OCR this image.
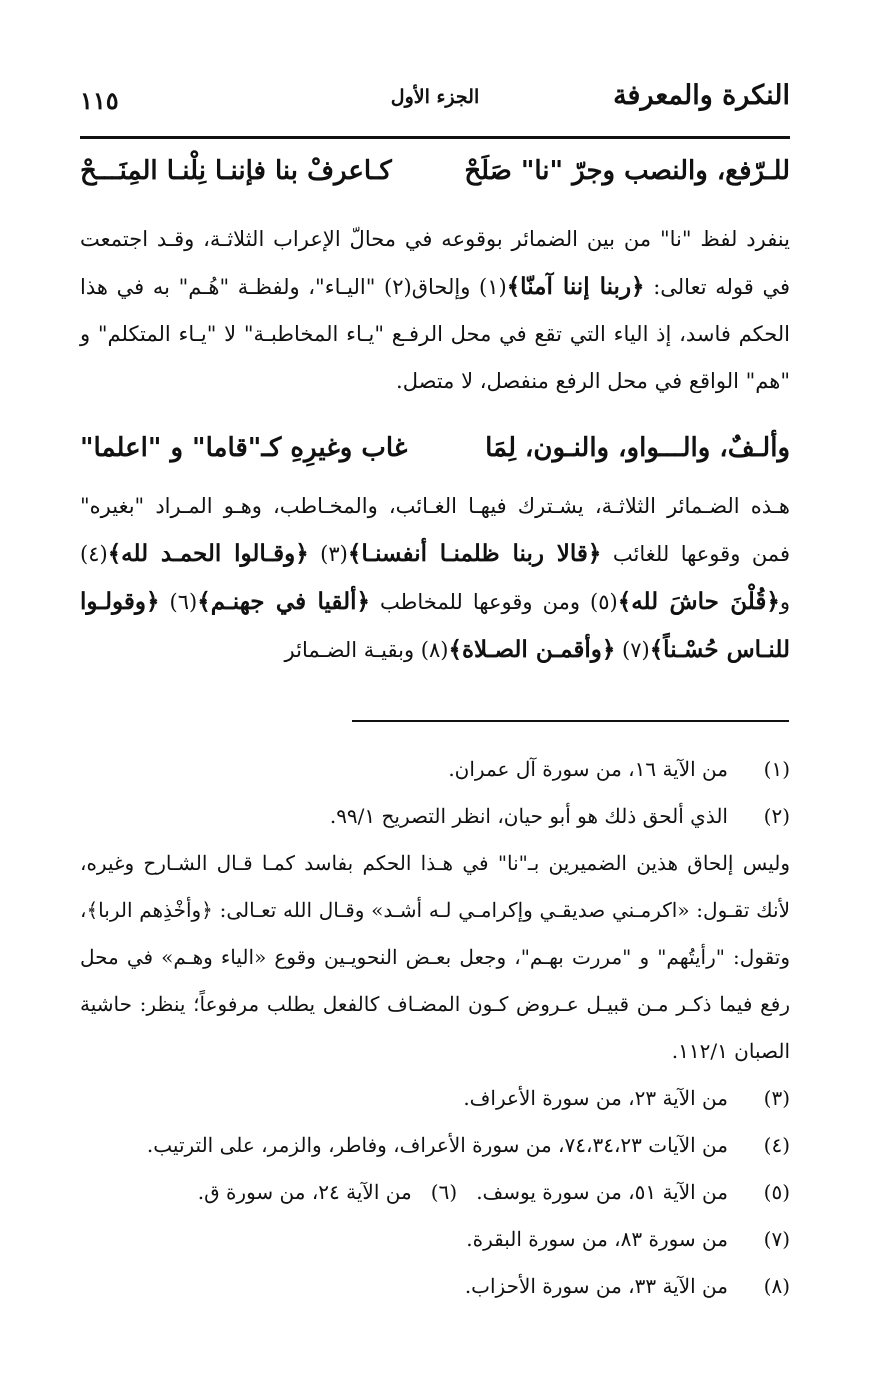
النكرة والمعرفة
الجزء الأول
١١٥
للـرّفع، والنصب وجرّ "نا" صَلَحْ
كـاعرفْ بنا فإننـا نِلْنـا المِنَـــحْ

ينفرد لفظ "نا" من بين الضمائر بوقوعه في محالّ الإعراب الثلاثـة، وقـد اجتمعت في قوله تعالى: ﴿ربنا إننا آمنّا﴾(١) وإلحاق(٢) "اليـاء"، ولفظـة "هُـم" به في هذا الحكم فاسد، إذ الياء التي تقع في محل الرفـع "يـاء المخاطبـة" لا "يـاء المتكلم" و "هم" الواقع في محل الرفع منفصل، لا متصل.

وألـفٌ، والـــواو، والنـون، لِمَا
غاب وغيرِهِ كـ"قاما" و "اعلما"

هـذه الضـمائر الثلاثـة، يشـترك فيهـا الغـائب، والمخـاطب، وهـو المـراد "بغيره" فمن وقوعها للغائب ﴿قالا ربنا ظلمنـا أنفسنـا﴾(٣) ﴿وقـالوا الحمـد لله﴾(٤) و﴿قُلْنَ حاشَ لله﴾(٥) ومن وقوعها للمخاطب ﴿ألقيا في جهنـم﴾(٦) ﴿وقولـوا للنـاس حُسْـناً﴾(٧) ﴿وأقمـن الصـلاة﴾(٨) وبقيـة الضـمائر

(١)
من الآية ١٦، من سورة آل عمران.
(٢)
الذي ألحق ذلك هو أبو حيان، انظر التصريح ٩٩/١.
وليس إلحاق هذين الضميرين بـ"نا" في هـذا الحكم بفاسد كمـا قـال الشـارح وغيره، لأنك تقـول: «اكرمـني صديقـي وإكرامـي لـه أشـد» وقـال الله تعـالى: ﴿وأخْذِهم الربا﴾، وتقول: "رأيتُهم" و "مررت بهـم"، وجعل بعـض النحويـين وقوع «الياء وهـم» في محل رفع فيما ذكـر مـن قبيـل عـروض كـون المضـاف كالفعل يطلب مرفوعاً؛ ينظر: حاشية الصبان ١١٢/١.
(٣)
من الآية ٢٣، من سورة الأعراف.
(٤)
من الآيات ٧٤،٣٤،٢٣، من سورة الأعراف، وفاطر، والزمر، على الترتيب.
(٥)
من الآية ٥١، من سورة يوسف.   (٦)   من الآية ٢٤، من سورة ق.
(٧)
من سورة ٨٣، من سورة البقرة.
(٨)
من الآية ٣٣، من سورة الأحزاب.
